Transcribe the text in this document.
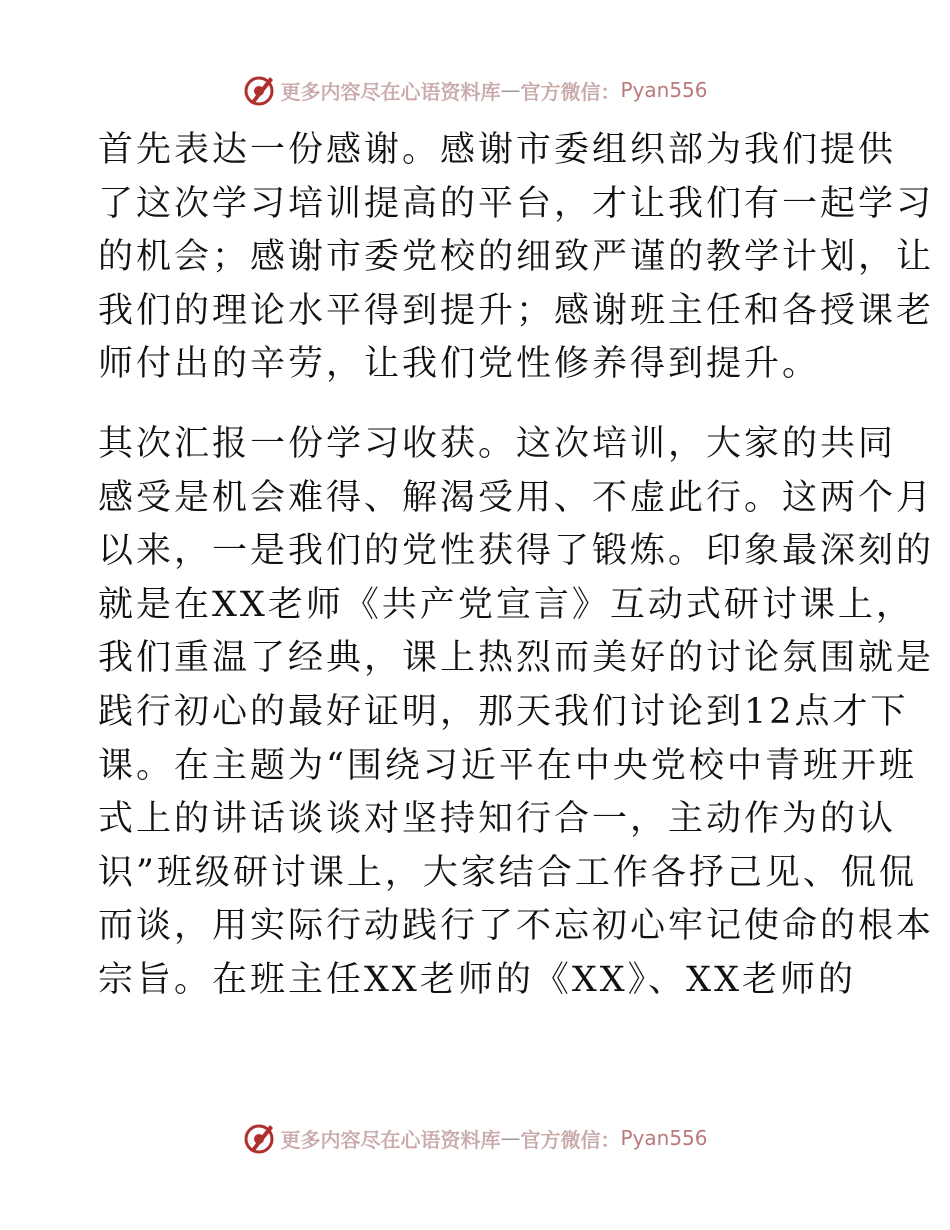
更多内容尽在心语资料库 — 官方微信： Pyan556
首先表达一份感谢。感谢市委组织部为我们提供
了这次学习培训提高的平台，才让我们有一起学习
的机会；感谢市委党校的细致严谨的教学计划，让
我们的理论水平得到提升；感谢班主任和各授课老
师付出的辛劳，让我们党性修养得到提升。
其次汇报一份学习收获。这次培训，大家的共同
感受是机会难得、解渴受用、不虚此行。这两个月
以来，一是我们的党性获得了锻炼。印象最深刻的
就是在XX老师《共产党宣言》互动式研讨课上，
我们重温了经典，课上热烈而美好的讨论氛围就是
践行初心的最好证明，那天我们讨论到12点才下
课。在主题为“围绕习近平在中央党校中青班开班
式上的讲话谈谈对坚持知行合一，主动作为的认
识”班级研讨课上，大家结合工作各抒己见、侃侃
而谈，用实际行动践行了不忘初心牢记使命的根本
宗旨。在班主任XX老师的《XX》、XX老师的
更多内容尽在心语资料库 — 官方微信： Pyan556
